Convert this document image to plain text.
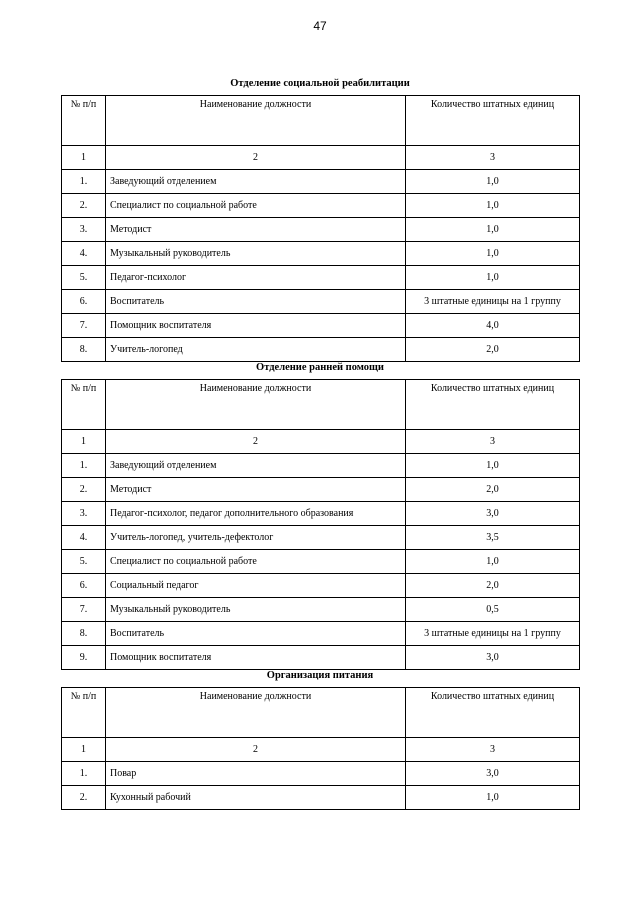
47
Отделение социальной реабилитации
№ п/п	Наименование должности	Количество штатных единиц
1	2	3
1.	Заведующий отделением	1,0
2.	Специалист по социальной работе	1,0
3.	Методист	1,0
4.	Музыкальный руководитель	1,0
5.	Педагог-психолог	1,0
6.	Воспитатель	3 штатные единицы на 1 группу
7.	Помощник воспитателя	4,0
8.	Учитель-логопед	2,0
Отделение ранней помощи
№ п/п	Наименование должности	Количество штатных единиц
1	2	3
1.	Заведующий отделением	1,0
2.	Методист	2,0
3.	Педагог-психолог, педагог дополнительного образования	3,0
4.	Учитель-логопед, учитель-дефектолог	3,5
5.	Специалист по социальной работе	1,0
6.	Социальный педагог	2,0
7.	Музыкальный руководитель	0,5
8.	Воспитатель	3 штатные единицы на 1 группу
9.	Помощник воспитателя	3,0
Организация питания
№ п/п	Наименование должности	Количество штатных единиц
1	2	3
1.	Повар	3,0
2.	Кухонный рабочий	1,0
